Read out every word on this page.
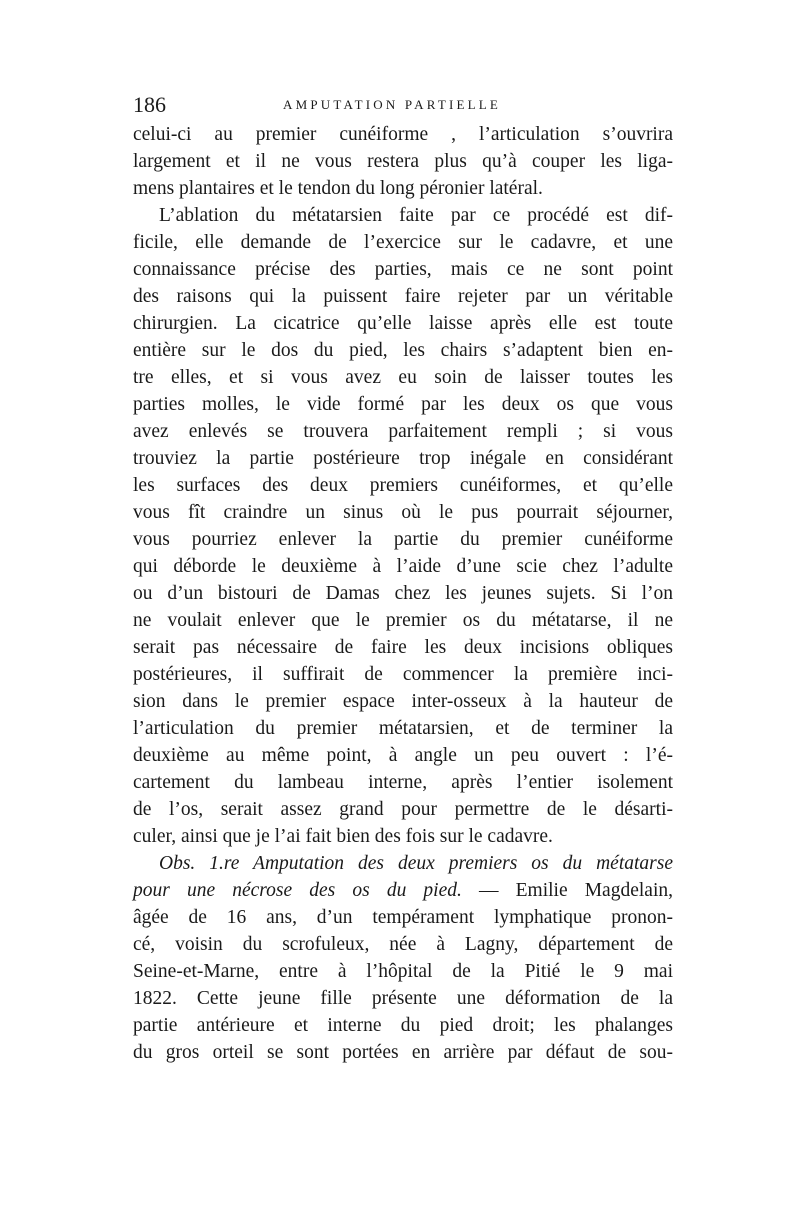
186	AMPUTATION PARTIELLE
celui-ci au premier cunéiforme , l’articulation s’ouvrira
largement et il ne vous restera plus qu’à couper les liga-
mens plantaires et le tendon du long péronier latéral.
L’ablation du métatarsien faite par ce procédé est dif-
ficile, elle demande de l’exercice sur le cadavre, et une
connaissance précise des parties, mais ce ne sont point
des raisons qui la puissent faire rejeter par un véritable
chirurgien. La cicatrice qu’elle laisse après elle est toute
entière sur le dos du pied, les chairs s’adaptent bien en-
tre elles, et si vous avez eu soin de laisser toutes les
parties molles, le vide formé par les deux os que vous
avez enlevés se trouvera parfaitement rempli ; si vous
trouviez la partie postérieure trop inégale en considérant
les surfaces des deux premiers cunéiformes, et qu’elle
vous fît craindre un sinus où le pus pourrait séjourner,
vous pourriez enlever la partie du premier cunéiforme
qui déborde le deuxième à l’aide d’une scie chez l’adulte
ou d’un bistouri de Damas chez les jeunes sujets. Si l’on
ne voulait enlever que le premier os du métatarse, il ne
serait pas nécessaire de faire les deux incisions obliques
postérieures, il suffirait de commencer la première inci-
sion dans le premier espace inter-osseux à la hauteur de
l’articulation du premier métatarsien, et de terminer la
deuxième au même point, à angle un peu ouvert : l’é-
cartement du lambeau interne, après l’entier isolement
de l’os, serait assez grand pour permettre de le désarti-
culer, ainsi que je l’ai fait bien des fois sur le cadavre.
Obs. 1.re Amputation des deux premiers os du métatarse
pour une nécrose des os du pied. — Emilie Magdelain,
âgée de 16 ans, d’un tempérament lymphatique pronon-
cé, voisin du scrofuleux, née à Lagny, département de
Seine-et-Marne, entre à l’hôpital de la Pitié le 9 mai
1822. Cette jeune fille présente une déformation de la
partie antérieure et interne du pied droit; les phalanges
du gros orteil se sont portées en arrière par défaut de sou-
